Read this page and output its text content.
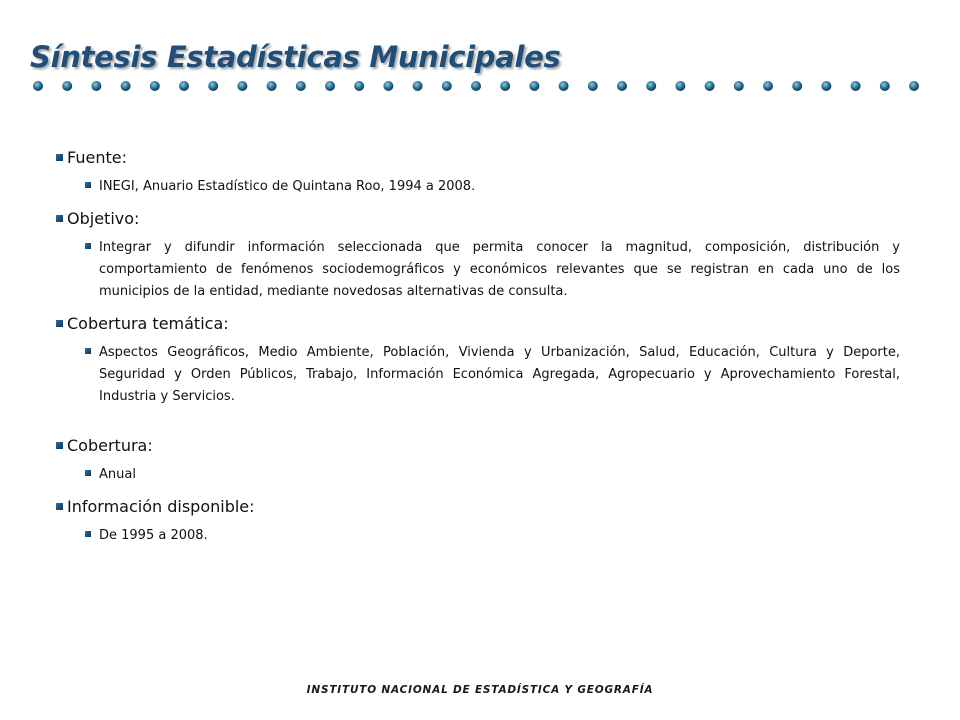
Síntesis Estadísticas Municipales
Fuente:
INEGI, Anuario Estadístico de Quintana Roo, 1994 a 2008.
Objetivo:
Integrar y difundir información seleccionada que permita conocer la magnitud, composición, distribución y comportamiento de fenómenos sociodemográficos y económicos relevantes que se registran en cada uno de los municipios de la entidad, mediante novedosas alternativas de consulta.
Cobertura temática:
Aspectos Geográficos, Medio Ambiente, Población, Vivienda y Urbanización, Salud, Educación, Cultura y Deporte, Seguridad y Orden Públicos, Trabajo, Información Económica Agregada, Agropecuario y Aprovechamiento Forestal, Industria y Servicios.
Cobertura:
Anual
Información disponible:
De 1995 a 2008.
INSTITUTO NACIONAL DE ESTADÍSTICA Y GEOGRAFÍA
